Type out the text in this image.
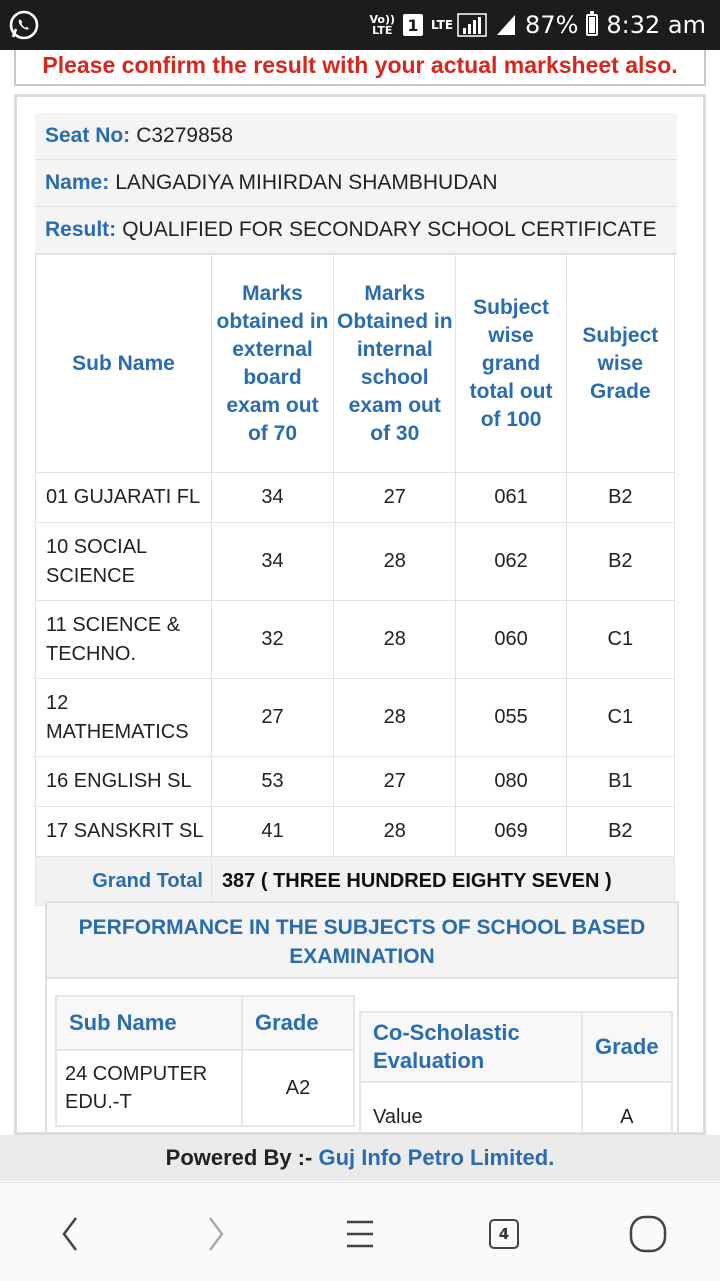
Vo))
LTE 1	LTE	87% 8:32 am
Please confirm the result with your actual marksheet also.
Seat No: C3279858
Name: LANGADIYA MIHIRDAN SHAMBHUDAN
Result: QUALIFIED FOR SECONDARY SCHOOL CERTIFICATE
Sub Name	Marks obtained in external board exam out of 70	Marks Obtained in internal school exam out of 30	Subject wise grand total out of 100	Subject wise Grade
01 GUJARATI FL	34	27	061	B2
10 SOCIAL SCIENCE	34	28	062	B2
11 SCIENCE & TECHNO.	32	28	060	C1

12 MATHEMATICS	27	28	055	C1
16 ENGLISH SL	53	27	080	B1
17 SANSKRIT SL	41	28	069	B2
Grand Total	387 ( THREE HUNDRED EIGHTY SEVEN )			
PERFORMANCE IN THE SUBJECTS OF SCHOOL BASED EXAMINATION
Sub Name	Grade
24 COMPUTER EDU.-T	A2
Co-Scholastic Evaluation	Grade
Value	A
Powered By :- Guj Info Petro Limited.
4
